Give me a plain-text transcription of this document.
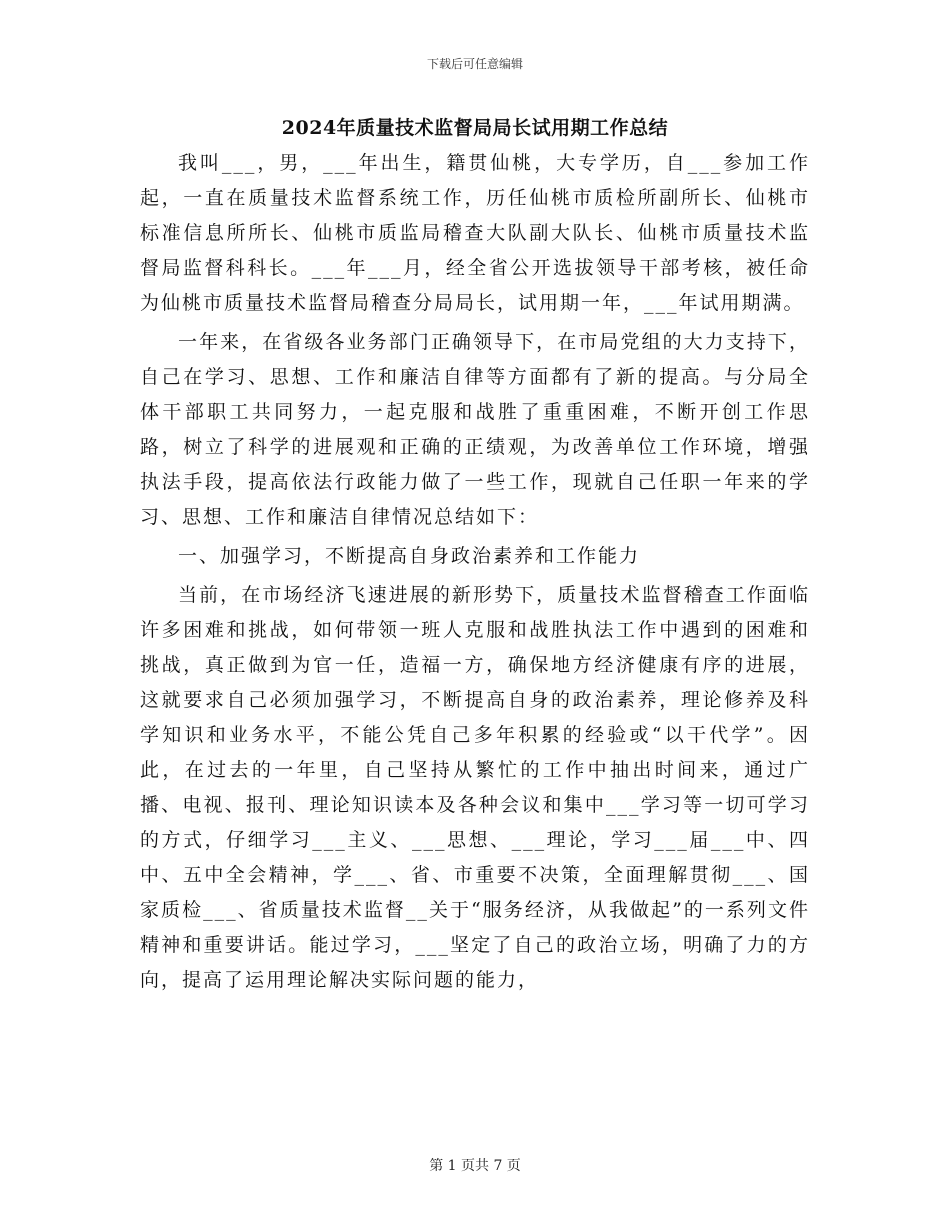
下载后可任意编辑
2024年质量技术监督局局长试用期工作总结

我叫___，男，___年出生，籍贯仙桃，大专学历，自___参加工作起，一直在质量技术监督系统工作，历任仙桃市质检所副所长、仙桃市标准信息所所长、仙桃市质监局稽查大队副大队长、仙桃市质量技术监督局监督科科长。___年___月，经全省公开选拔领导干部考核，被任命为仙桃市质量技术监督局稽查分局局长，试用期一年，___年试用期满。

一年来，在省级各业务部门正确领导下，在市局党组的大力支持下，自己在学习、思想、工作和廉洁自律等方面都有了新的提高。与分局全体干部职工共同努力，一起克服和战胜了重重困难，不断开创工作思路，树立了科学的进展观和正确的正绩观，为改善单位工作环境，增强执法手段，提高依法行政能力做了一些工作，现就自己任职一年来的学习、思想、工作和廉洁自律情况总结如下：

一、加强学习，不断提高自身政治素养和工作能力

当前，在市场经济飞速进展的新形势下，质量技术监督稽查工作面临许多困难和挑战，如何带领一班人克服和战胜执法工作中遇到的困难和挑战，真正做到为官一任，造福一方，确保地方经济健康有序的进展，这就要求自己必须加强学习，不断提高自身的政治素养，理论修养及科学知识和业务水平，不能公凭自己多年积累的经验或“以干代学”。因此，在过去的一年里，自己坚持从繁忙的工作中抽出时间来，通过广播、电视、报刊、理论知识读本及各种会议和集中___学习等一切可学习的方式，仔细学习___主义、___思想、___理论，学习___届___中、四中、五中全会精神，学___、省、市重要不决策，全面理解贯彻___、国家质检___、省质量技术监督__关于“服务经济，从我做起”的一系列文件精神和重要讲话。能过学习，___坚定了自己的政治立场，明确了力的方向，提高了运用理论解决实际问题的能力，

第 1 页共 7 页
